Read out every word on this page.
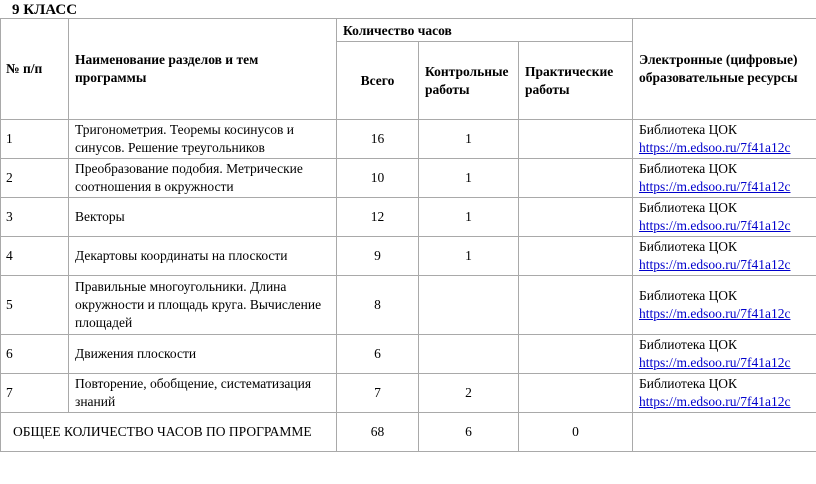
9 КЛАСС
№ п/п	Наименование разделов и тем программы	Количество часов			Электронные (цифровые) образовательные ресурсы
		Всего	Контрольные работы	Практические работы	
1	Тригонометрия. Теоремы косинусов и синусов. Решение треугольников	16	1		Библиотека ЦОК
https://m.edsoo.ru/7f41a12c

2	Преобразование подобия. Метрические соотношения в окружности	10	1		Библиотека ЦОК
https://m.edsoo.ru/7f41a12c

3	Векторы	12	1		Библиотека ЦОК
https://m.edsoo.ru/7f41a12c

4	Декартовы координаты на плоскости	9	1		Библиотека ЦОК
https://m.edsoo.ru/7f41a12c

5	Правильные многоугольники. Длина окружности и площадь круга. Вычисление площадей	8			Библиотека ЦОК
https://m.edsoo.ru/7f41a12c

6	Движения плоскости	6			Библиотека ЦОК
https://m.edsoo.ru/7f41a12c

7	Повторение, обобщение, систематизация знаний	7	2		Библиотека ЦОК
https://m.edsoo.ru/7f41a12c

ОБЩЕЕ КОЛИЧЕСТВО ЧАСОВ ПО ПРОГРАММЕ		68	6	0	
